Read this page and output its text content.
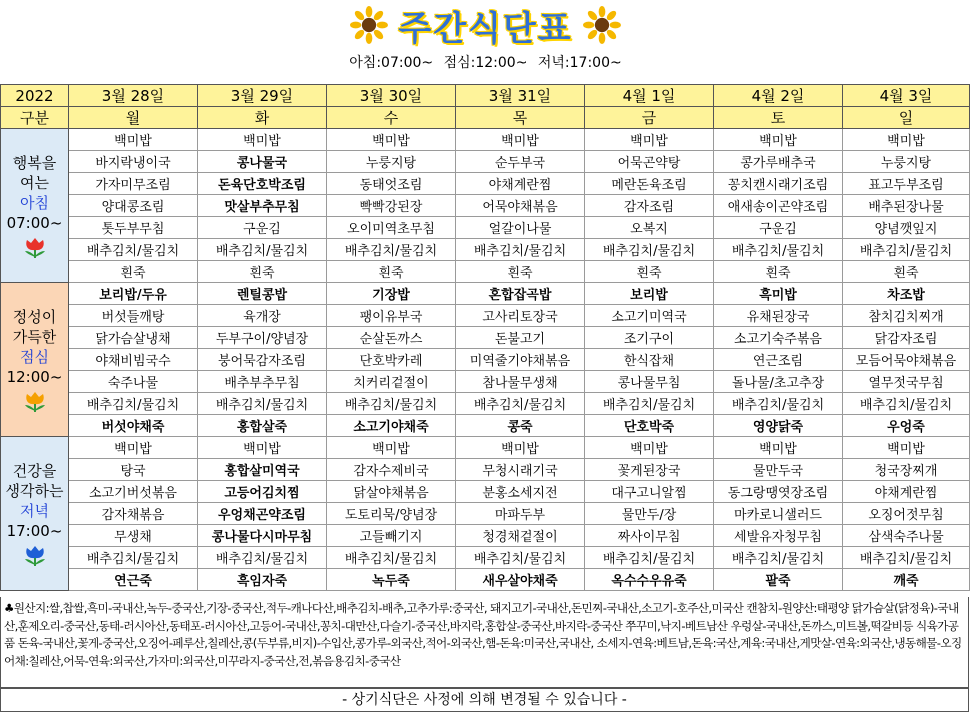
주간식단표
아침:07:00~ 점심:12:00~ 저녁:17:00~
2022	3월 28일	3월 29일	3월 30일	3월 31일	4월 1일	4월 2일	4월 3일
구분	월	화	수	목	금	토	일

행복을
여는
아침
07:00~	백미밥	백미밥	백미밥	백미밥	백미밥	백미밥	백미밥
	바지락냉이국	콩나물국	누룽지탕	순두부국	어묵곤약탕	콩가루배추국	누룽지탕
	가자미무조림	돈육단호박조림	동태엇조림	야채계란찜	메란돈육조림	꽁치캔시래기조림	표고두부조림
	양대콩조림	맛살부추무침	빡빡강된장	어묵야채볶음	감자조림	애새송이곤약조림	배추된장나물
	톳두부무침	구운김	오이미역초무침	얼갈이나물	오복지	구운김	양념깻잎지
	배추김치/물김치	배추김치/물김치	배추김치/물김치	배추김치/물김치	배추김치/물김치	배추김치/물김치	배추김치/물김치
	흰죽	흰죽	흰죽	흰죽	흰죽	흰죽	흰죽

정성이
가득한
점심
12:00~	보리밥/두유	렌틸콩밥	기장밥	혼합잡곡밥	보리밥	흑미밥	차조밥
	버섯들깨탕	육개장	팽이유부국	고사리토장국	소고기미역국	유채된장국	참치김치찌개
	닭가슴살냉채	두부구이/양념장	순살돈까스	돈불고기	조기구이	소고기숙주볶음	닭감자조림
	야채비빔국수	붕어묵감자조림	단호박카레	미역줄기야채볶음	한식잡채	연근조림	모듬어묵야채볶음
	숙주나물	배추부추무침	치커리겉절이	참나물무생채	콩나물무침	돌나물/초고추장	열무젓국무침
	배추김치/물김치	배추김치/물김치	배추김치/물김치	배추김치/물김치	배추김치/물김치	배추김치/물김치	배추김치/물김치
	버섯야채죽	홍합살죽	소고기야채죽	콩죽	단호박죽	영양닭죽	우엉죽

건강을
생각하는
저녁
17:00~	백미밥	백미밥	백미밥	백미밥	백미밥	백미밥	백미밥
	탕국	홍합살미역국	감자수제비국	무청시래기국	꽃게된장국	물만두국	청국장찌개
	소고기버섯볶음	고등어김치찜	닭살야채볶음	분홍소세지전	대구고니알찜	동그랑땡엿장조림	야채계란찜
	감자채볶음	우엉채곤약조림	도토리묵/양념장	마파두부	물만두/장	마카로니샐러드	오징어젓무침
	무생채	콩나물다시마무침	고들빼기지	청경채겉절이	짜사이무침	세발유자청무침	삼색숙주나물
	배추김치/물김치	배추김치/물김치	배추김치/물김치	배추김치/물김치	배추김치/물김치	배추김치/물김치	배추김치/물김치
	연근죽	흑임자죽	녹두죽	새우살야채죽	옥수수우유죽	팥죽	깨죽
♣원산지:쌀,찹쌀,흑미-국내산,녹두-중국산,기장-중국산,적두-캐나다산,배추김치-배추,고추가루:중국산, 돼지고기-국내산,돈민찌-국내산,소고기-호주산,미국산 캔참치-원양산:태평양 닭가슴살(닭정육)-국내산,훈제오리-중국산,동태-러시아산,동태포-러시아산,고등어-국내산,꽁치-대만산,다슬기-중국산,바지락,홍합살-중국산,바지락-중국산 쭈꾸미,낙지-베트남산 우렁살-국내산,돈까스,미트볼,떡갈비등 식육가공품 돈육-국내산,꽃게-중국산,오징어-페루산,칠레산,콩(두부류,비지)-수입산,콩가루-외국산,적어-외국산,햄-돈육:미국산,국내산, 소세지-연육:베트남,돈육:국산,계육:국내산,게맛살-연육:외국산,냉동해물-오징어채:칠레산,어묵-연육:외국산,가자미:외국산,미꾸라지-중국산,전,볶음용김치-중국산
- 상기식단은 사정에 의해 변경될 수 있습니다 -
